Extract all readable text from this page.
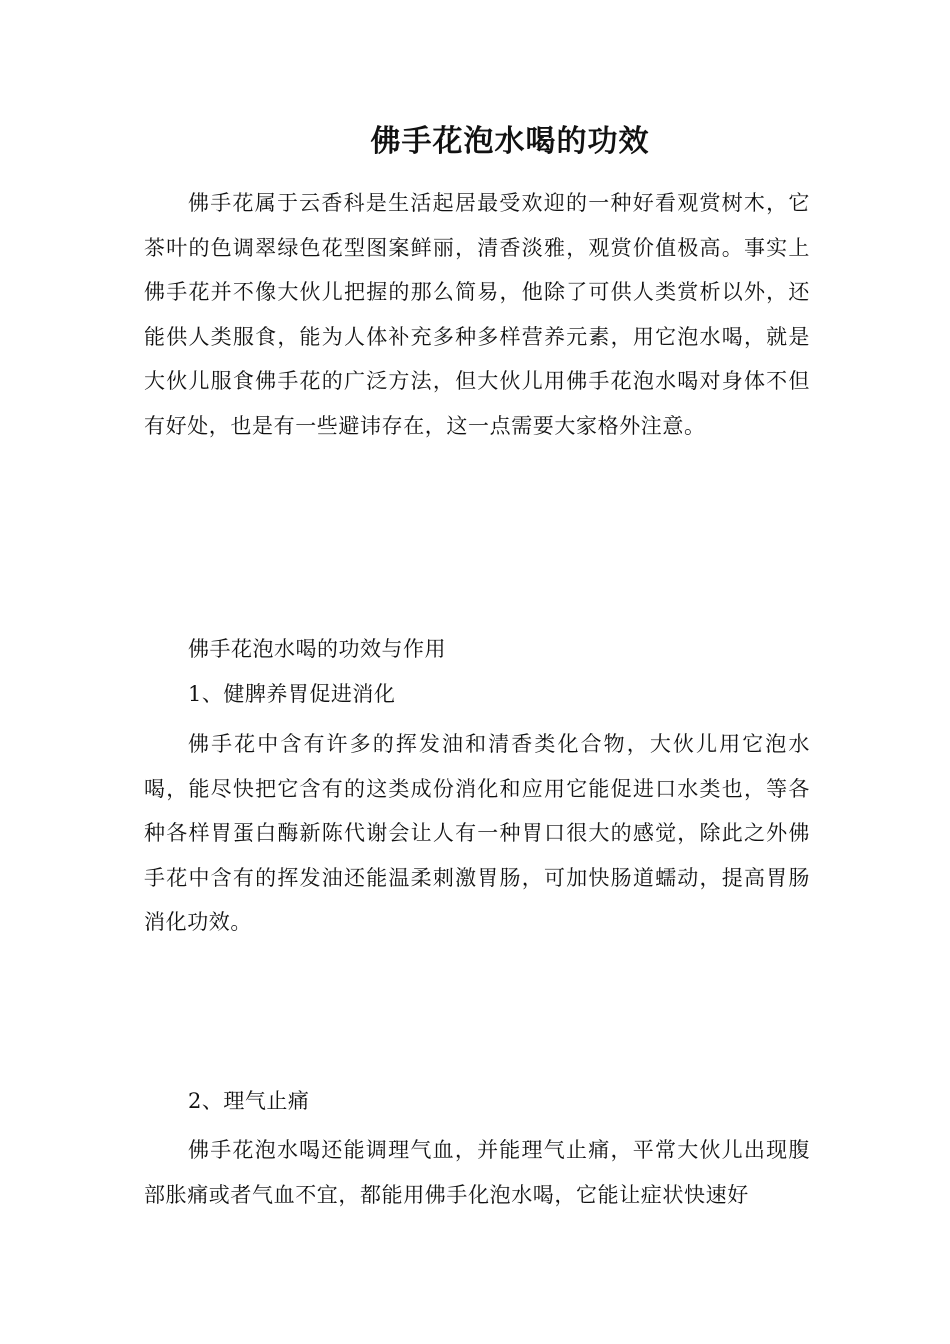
佛手花泡水喝的功效
佛手花属于云香科是生活起居最受欢迎的一种好看观赏树木，它茶叶的色调翠绿色花型图案鲜丽，清香淡雅，观赏价值极高。事实上佛手花并不像大伙儿把握的那么简易，他除了可供人类赏析以外，还能供人类服食，能为人体补充多种多样营养元素，用它泡水喝，就是大伙儿服食佛手花的广泛方法，但大伙儿用佛手花泡水喝对身体不但有好处，也是有一些避讳存在，这一点需要大家格外注意。
佛手花泡水喝的功效与作用
1、健脾养胃促进消化
佛手花中含有许多的挥发油和清香类化合物，大伙儿用它泡水喝，能尽快把它含有的这类成份消化和应用它能促进口水类也，等各种各样胃蛋白酶新陈代谢会让人有一种胃口很大的感觉，除此之外佛手花中含有的挥发油还能温柔刺激胃肠，可加快肠道蠕动，提高胃肠消化功效。
2、理气止痛
佛手花泡水喝还能调理气血，并能理气止痛，平常大伙儿出现腹部胀痛或者气血不宜，都能用佛手化泡水喝，它能让症状快速好
